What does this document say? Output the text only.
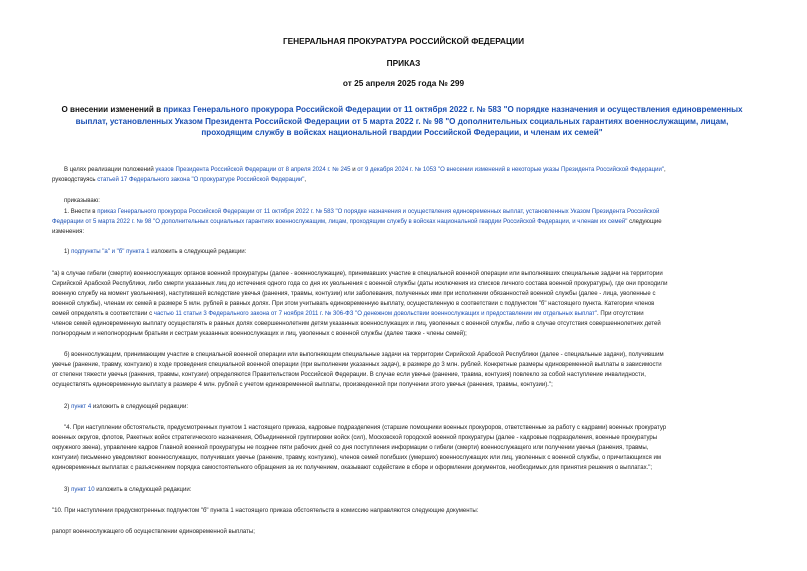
ГЕНЕРАЛЬНАЯ ПРОКУРАТУРА РОССИЙСКОЙ ФЕДЕРАЦИИ
ПРИКАЗ
от 25 апреля 2025 года № 299
О внесении изменений в приказ Генерального прокурора Российской Федерации от 11 октября 2022 г. № 583 "О порядке назначения и осуществления единовременных выплат, установленных Указом Президента Российской Федерации от 5 марта 2022 г. № 98 "О дополнительных социальных гарантиях военнослужащим, лицам, проходящим службу в войсках национальной гвардии Российской Федерации, и членам их семей"
В целях реализации положений указов Президента Российской Федерации от 8 апреля 2024 г. № 245 и от 9 декабря 2024 г. № 1053 "О внесении изменений в некоторые указы Президента Российской Федерации",
руководствуясь статьей 17 Федерального закона "О прокуратуре Российской Федерации",
приказываю:
1. Внести в приказ Генерального прокурора Российской Федерации от 11 октября 2022 г. № 583 "О порядке назначения и осуществления единовременных выплат, установленных Указом Президента Российской
Федерации от 5 марта 2022 г. № 98 "О дополнительных социальных гарантиях военнослужащим, лицам, проходящим службу в войсках национальной гвардии Российской Федерации, и членам их семей" следующие
изменения:
1) подпункты "а" и "б" пункта 1 изложить в следующей редакции:
"а) в случае гибели (смерти) военнослужащих органов военной прокуратуры (далее - военнослужащие), принимавших участие в специальной военной операции или выполнявших специальные задачи на территории
Сирийской Арабской Республики, либо смерти указанных лиц до истечения одного года со дня их увольнения с военной службы (даты исключения из списков личного состава военной прокуратуры), где они проходили
военную службу на момент увольнения), наступившей вследствие увечья (ранения, травмы, контузии) или заболевания, полученных ими при исполнении обязанностей военной службы (далее - лица, уволенные с
военной службы), членам их семей в размере 5 млн. рублей в равных долях. При этом учитывать единовременную выплату, осуществленную в соответствии с подпунктом "б" настоящего пункта. Категории членов
семей определять в соответствии с частью 11 статьи 3 Федерального закона от 7 ноября 2011 г. № 306-ФЗ "О денежном довольствии военнослужащих и предоставлении им отдельных выплат". При отсутствии
членов семей единовременную выплату осуществлять в равных долях совершеннолетним детям указанных военнослужащих и лиц, уволенных с военной службы, либо в случае отсутствия совершеннолетних детей
полнородным и неполнородным братьям и сестрам указанных военнослужащих и лиц, уволенных с военной службы (далее также - члены семей);
б) военнослужащим, принимающим участие в специальной военной операции или выполняющим специальные задачи на территории Сирийской Арабской Республики (далее - специальные задачи), получившим
увечье (ранение, травму, контузию) в ходе проведения специальной военной операции (при выполнении указанных задач), в размере до 3 млн. рублей. Конкретные размеры единовременной выплаты в зависимости
от степени тяжести увечья (ранения, травмы, контузии) определяются Правительством Российской Федерации. В случае если увечье (ранение, травма, контузия) повлекло за собой наступление инвалидности,
осуществлять единовременную выплату в размере 4 млн. рублей с учетом единовременной выплаты, произведенной при получении этого увечья (ранения, травмы, контузии).";
2) пункт 4 изложить в следующей редакции:
"4. При наступлении обстоятельств, предусмотренных пунктом 1 настоящего приказа, кадровые подразделения (старшие помощники военных прокуроров, ответственные за работу с кадрами) военных прокуратур
военных округов, флотов, Ракетных войск стратегического назначения, Объединенной группировки войск (сил), Московской городской военной прокуратуры (далее - кадровые подразделения, военные прокуратуры
окружного звена), управление кадров Главной военной прокуратуры не позднее пяти рабочих дней со дня поступления информации о гибели (смерти) военнослужащего или получении увечья (ранения, травмы,
контузии) письменно уведомляют военнослужащих, получивших увечье (ранение, травму, контузию), членов семей погибших (умерших) военнослужащих или лиц, уволенных с военной службы, о причитающихся им
единовременных выплатах с разъяснением порядка самостоятельного обращения за их получением, оказывают содействие в сборе и оформлении документов, необходимых для принятия решения о выплатах.";
3) пункт 10 изложить в следующей редакции:
"10. При наступлении предусмотренных подпунктом "б" пункта 1 настоящего приказа обстоятельств в комиссию направляются следующие документы:
рапорт военнослужащего об осуществлении единовременной выплаты;
